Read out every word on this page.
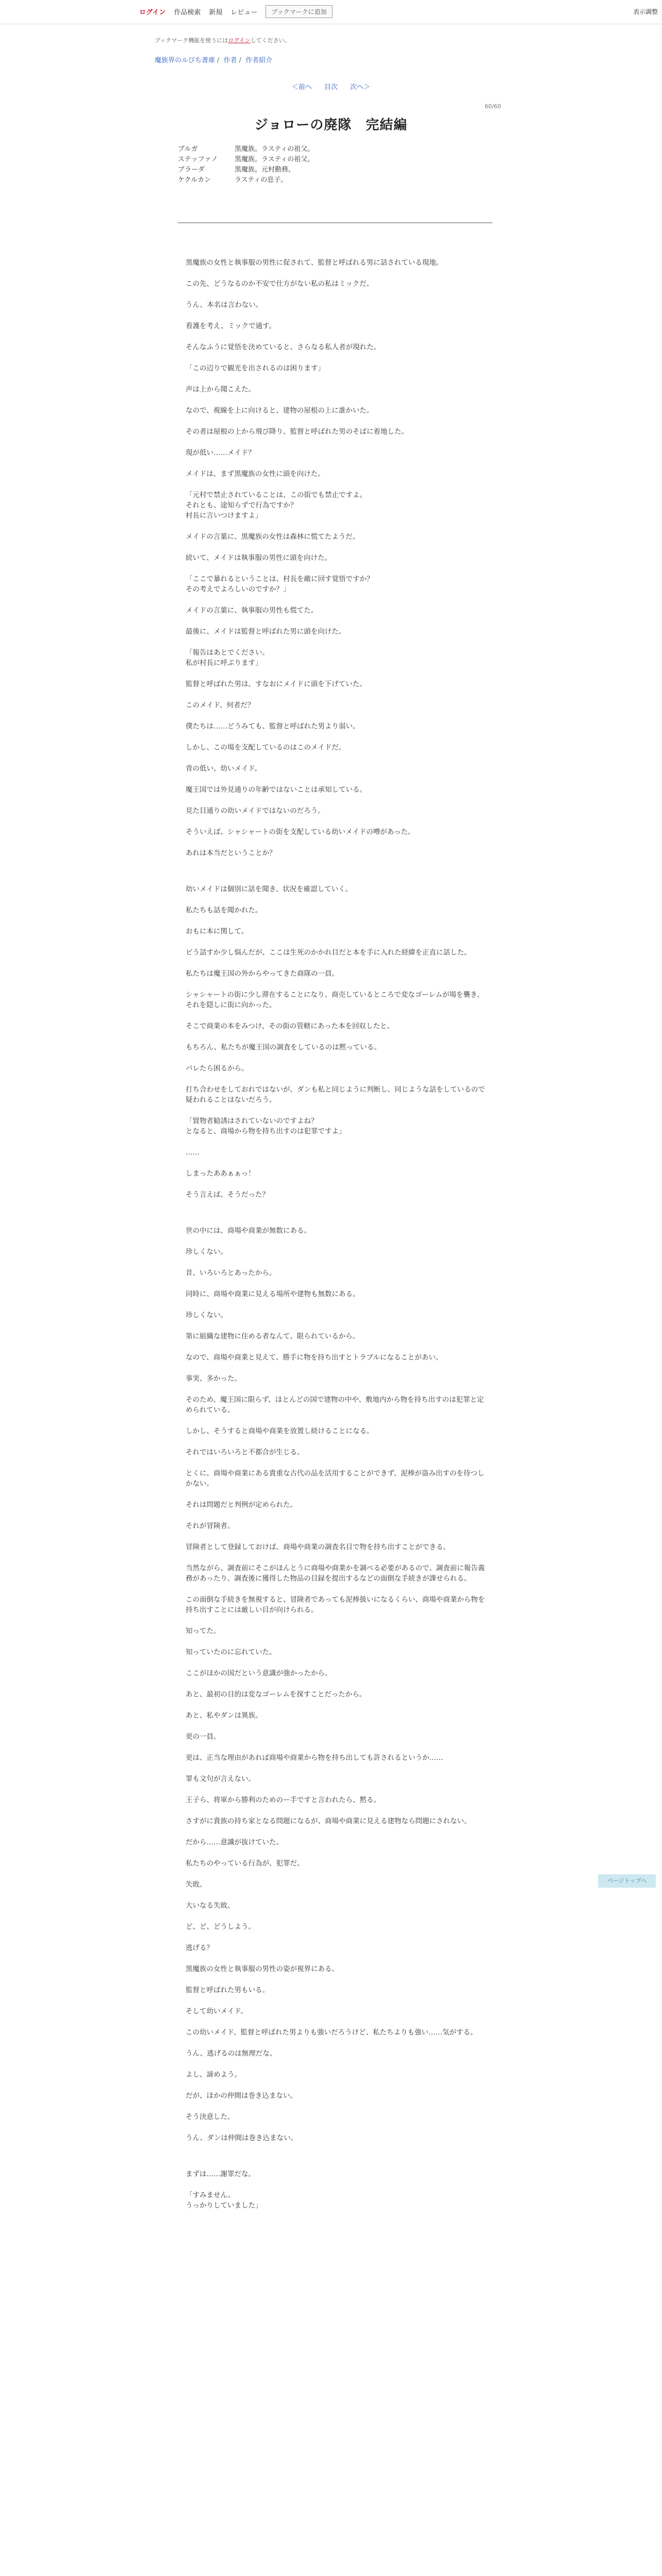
ログイン 作品検索 新規 レビュー	ブックマークに追加	表示調整
ブックマーク機能を使うにはログインしてください。
魔族界のルびち書庫 / 作者 / 作者紹介
＜前へ 目次 次へ＞
60/60
ジョローの廃隊　完結編
ブルガ	黒魔族。ラスティの祖父。
ステッファノ	黒魔族。ラスティの祖父。
ブラーダ	黒魔族。元村勤務。
ケクルカン	ラスティの息子。

黒魔族の女性と執事服の男性に促されて、監督と呼ばれる男に話されている現地。

この先、どうなるのか不安で仕方がない私の私はミックだ。

うん、本名は言わない。

看護を考え、ミックで通す。

そんなふうに覚悟を決めていると、さらなる私人者が現れた。

「この辺りで観光を出されるのは困ります」

声は上から聞こえた。

なので、視線を上に向けると、建物の屋根の上に誰かいた。

その者は屋根の上から飛び降り、監督と呼ばれた男のそばに着地した。

現が低い……メイド？

メイドは、まず黒魔族の女性に頭を向けた。

「元村で禁止されていることは、この街でも禁止ですよ。
それとも、途知らずで行為ですか？
村長に言いつけますよ」

メイドの言葉に、黒魔族の女性は森林に慌てたようだ。

続いて、メイドは執事服の男性に頭を向けた。

「ここで暴れるということは、村長を敵に回す覚悟ですか？
その考えでよろしいのですか？」

メイドの言葉に、執事服の男性も慌てた。

最後に、メイドは監督と呼ばれた男に頭を向けた。

「報告はあとでください。
私が村長に呼ぶります」

監督と呼ばれた男は、すなおにメイドに頭を下げていた。

このメイド、何者だ？

僕たちは……どうみても、監督と呼ばれた男より弱い。

しかし、この場を支配しているのはこのメイドだ。

背の低い、幼いメイド。

魔王国では外見通りの年齢ではないことは承知している。

見た目通りの幼いメイドではないのだろう。

そういえば、シャシャートの街を支配している幼いメイドの噂があった。

あれは本当だということか？

幼いメイドは個別に話を聞き、状況を確認していく。

私たちも話を聞かれた。

おもに本に関して。

ビう話すか少し悩んだが、ここは生死のかかれ目だと本を手に入れた経緯を正直に話した。

私たちは魔王国の外からやってきた商隊の一員。

シャシャートの街に少し滞在することになり、商売しているところで変なゴーレムが場を襲き、それを隠しに街に向かった。

そこで商業の本をみつけ、その街の管轄にあった本を回収したと。

もちろん、私たちが魔王国の調査をしているのは黙っている。

バレたら困るから。

打ち合わせをしておれではないが、ダンも私と同じように判断し、同じような話をしているので疑われることはないだろう。

「貿物者勧誘はされていないのですよね？
となると、商場から物を持ち出すのは犯罪ですよ」

……

しまったああぁぁっ！

そう言えば、そうだった？

世の中には、商場や商業が無数にある。

珍しくない。

昔、いろいろとあったから。

同時に、商場や商業に見える場所や建物も無数にある。

珍しくない。

第に組織な建物に住める者なんて、限られているから。

なので、商場や商業と見えて、勝手に物を持ち出すとトラブルになることがあい。

事実、多かった。

そのため、魔王国に限らず、ほとんどの国で建物の中や、敷地内から物を持ち出すのは犯罪と定められている。

しかし、そうすると商場や商業を放置し続けることになる。

それではいろいろと不都合が生じる。

とくに、商場や商業にある貴重な古代の品を活用することができず、泥棒が盗み出すのを待つしかない。

それは問題だと判例が定められた。

それが冒険者。

冒険者として登録しておけば、商場や商業の調査名目で物を持ち出すことができる。

当然ながら、調査前にそこがほんとうに商場や商業かを調べる必要があるので、調査前に報告義務があったり、調査後に獲得した物品の目録を提出するなどの面倒な手続きが課せられる。

この面倒な手続きを無視すると、冒険者であっても泥棒扱いになるくらい、商場や商業から物を持ち出すことには厳しい目が向けられる。

知ってた。

知っていたのに忘れていた。

ここがほかの国だという意識が強かったから。

あと、最初の目的は変なゴーレムを探すことだったから。

あと、私やダンは異族。

更の一員。

更は、正当な理由があれば商場や商業から物を持ち出しても許されるというか……

罪も文句が言えない。

王子ら、将軍から勝利のためのー手ですと言われたら、黙る。

さすがに貴族の持ち家となる問題になるが、商場や商業に見える建物なら問題にされない。

だから……意識が抜けていた。

私たちのやっている行為が、犯罪だ。

失敗。

大いなる失敗。

ど、ど、どうしよう。

逃げる？

黒魔族の女性と執事服の男性の姿が視界にある。

監督と呼ばれた男もいる。

そして幼いメイド。

この幼いメイド、監督と呼ばれた男よりも強いだろうけど、私たちよりも強い……気がする。

うん、逃げるのは無理だな。

よし、諦めよう。

だが、ほかの仲間は巻き込まない。

そう決意した。

うん、ダンは仲間は巻き込まない。

まずは……謝罪だな。

「すみません。
うっかりしていました」

ページトップへ
